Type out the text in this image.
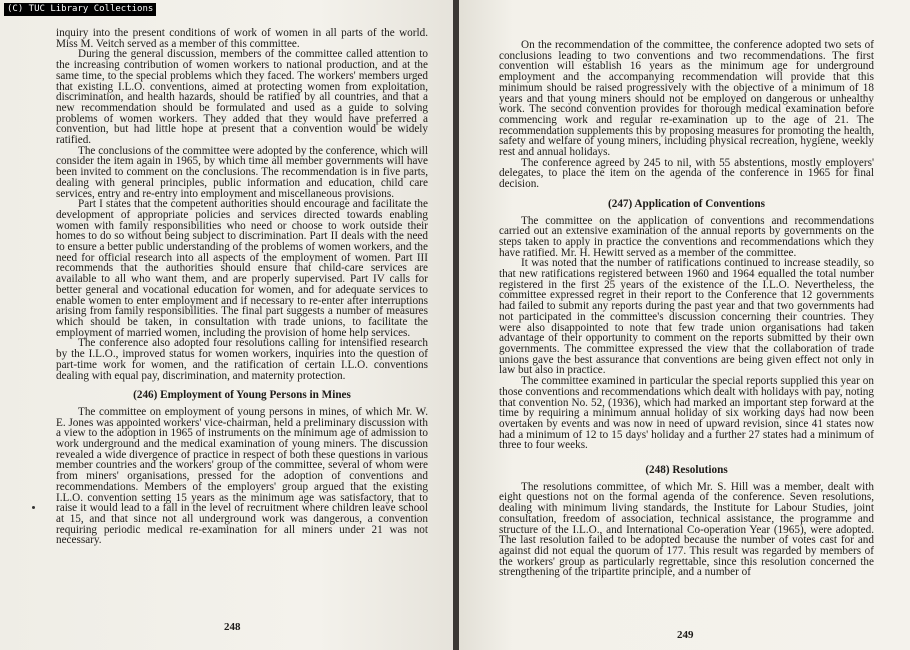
(C) TUC Library Collections

inquiry into the present conditions of work of women in all parts of the world. Miss M. Veitch served as a member of this committee.

During the general discussion, members of the committee called attention to the increasing contribution of women workers to national production, and at the same time, to the special problems which they faced. The workers' members urged that existing I.L.O. conventions, aimed at protecting women from exploitation, discrimination, and health hazards, should be ratified by all countries, and that a new recommendation should be formulated and used as a guide to solving problems of women workers. They added that they would have preferred a convention, but had little hope at present that a convention would be widely ratified.

The conclusions of the committee were adopted by the conference, which will consider the item again in 1965, by which time all member governments will have been invited to comment on the conclusions. The recommendation is in five parts, dealing with general principles, public information and education, child care services, entry and re-entry into employment and miscellaneous provisions.

Part I states that the competent authorities should encourage and facilitate the development of appropriate policies and services directed towards enabling women with family responsibilities who need or choose to work outside their homes to do so without being subject to discrimination. Part II deals with the need to ensure a better public understanding of the problems of women workers, and the need for official research into all aspects of the employment of women. Part III recommends that the authorities should ensure that child-care services are available to all who want them, and are properly supervised. Part IV calls for better general and vocational education for women, and for adequate services to enable women to enter employment and if necessary to re-enter after interruptions arising from family responsibilities. The final part suggests a number of measures which should be taken, in consultation with trade unions, to facilitate the employment of married women, including the provision of home help services.

The conference also adopted four resolutions calling for intensified research by the I.L.O., improved status for women workers, inquiries into the question of part-time work for women, and the ratification of certain I.L.O. conventions dealing with equal pay, discrimination, and maternity protection.

(246) Employment of Young Persons in Mines

The committee on employment of young persons in mines, of which Mr. W. E. Jones was appointed workers' vice-chairman, held a preliminary discussion with a view to the adoption in 1965 of instruments on the minimum age of admission to work underground and the medical examination of young miners. The discussion revealed a wide divergence of practice in respect of both these questions in various member countries and the workers' group of the committee, several of whom were from miners' organisations, pressed for the adoption of conventions and recommendations. Members of the employers' group argued that the existing I.L.O. convention setting 15 years as the minimum age was satisfactory, that to raise it would lead to a fall in the level of recruitment where children leave school at 15, and that since not all underground work was dangerous, a convention requiring periodic medical re-examination for all miners under 21 was not necessary.

248

On the recommendation of the committee, the conference adopted two sets of conclusions leading to two conventions and two recommendations. The first convention will establish 16 years as the minimum age for underground employment and the accompanying recommendation will provide that this minimum should be raised progressively with the objective of a minimum of 18 years and that young miners should not be employed on dangerous or unhealthy work. The second convention provides for thorough medical examination before commencing work and regular re-examination up to the age of 21. The recommendation supplements this by proposing measures for promoting the health, safety and welfare of young miners, including physical recreation, hygiene, weekly rest and annual holidays.

The conference agreed by 245 to nil, with 55 abstentions, mostly employers' delegates, to place the item on the agenda of the conference in 1965 for final decision.

(247) Application of Conventions

The committee on the application of conventions and recommendations carried out an extensive examination of the annual reports by governments on the steps taken to apply in practice the conventions and recommendations which they have ratified. Mr. H. Hewitt served as a member of the committee.

It was noted that the number of ratifications continued to increase steadily, so that new ratifications registered between 1960 and 1964 equalled the total number registered in the first 25 years of the existence of the I.L.O. Nevertheless, the committee expressed regret in their report to the Conference that 12 governments had failed to submit any reports during the past year and that two governments had not participated in the committee's discussion concerning their countries. They were also disappointed to note that few trade union organisations had taken advantage of their opportunity to comment on the reports submitted by their own governments. The committee expressed the view that the collaboration of trade unions gave the best assurance that conventions are being given effect not only in law but also in practice.

The committee examined in particular the special reports supplied this year on those conventions and recommendations which dealt with holidays with pay, noting that convention No. 52, (1936), which had marked an important step forward at the time by requiring a minimum annual holiday of six working days had now been overtaken by events and was now in need of upward revision, since 41 states now had a minimum of 12 to 15 days' holiday and a further 27 states had a minimum of three to four weeks.

(248) Resolutions

The resolutions committee, of which Mr. S. Hill was a member, dealt with eight questions not on the formal agenda of the conference. Seven resolutions, dealing with minimum living standards, the Institute for Labour Studies, joint consultation, freedom of association, technical assistance, the programme and structure of the I.L.O., and International Co-operation Year (1965), were adopted. The last resolution failed to be adopted because the number of votes cast for and against did not equal the quorum of 177. This result was regarded by members of the workers' group as particularly regrettable, since this resolution concerned the strengthening of the tripartite principle, and a number of

249
